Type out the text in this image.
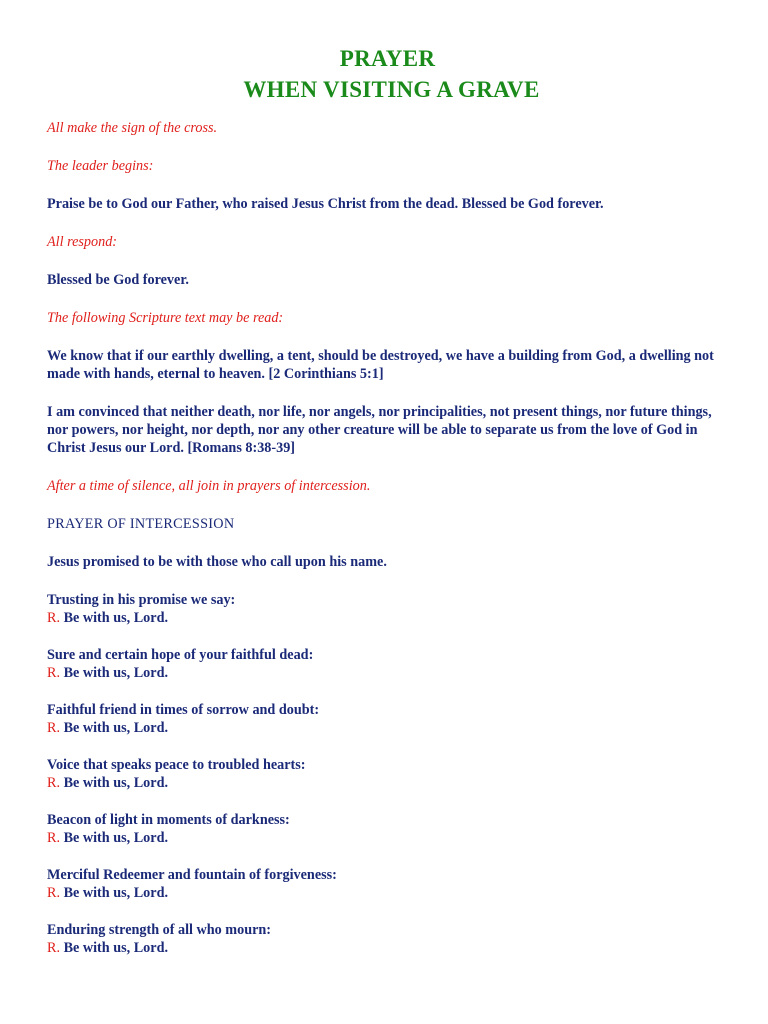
PRAYER
WHEN VISITING A GRAVE

All make the sign of the cross.

The leader begins:

Praise be to God our Father, who raised Jesus Christ from the dead. Blessed be God forever.

All respond:

Blessed be God forever.

The following Scripture text may be read:

We know that if our earthly dwelling, a tent, should be destroyed, we have a building from God, a dwelling not made with hands, eternal to heaven. [2 Corinthians 5:1]

I am convinced that neither death, nor life, nor angels, nor principalities, not present things, nor future things, nor powers, nor height, nor depth, nor any other creature will be able to separate us from the love of God in Christ Jesus our Lord. [Romans 8:38-39]

After a time of silence, all join in prayers of intercession.

PRAYER OF INTERCESSION

Jesus promised to be with those who call upon his name.

Trusting in his promise we say:

R. Be with us, Lord.

Sure and certain hope of your faithful dead:

R. Be with us, Lord.

Faithful friend in times of sorrow and doubt:

R. Be with us, Lord.

Voice that speaks peace to troubled hearts:

R. Be with us, Lord.

Beacon of light in moments of darkness:

R. Be with us, Lord.

Merciful Redeemer and fountain of forgiveness:

R. Be with us, Lord.

Enduring strength of all who mourn:

R. Be with us, Lord.
